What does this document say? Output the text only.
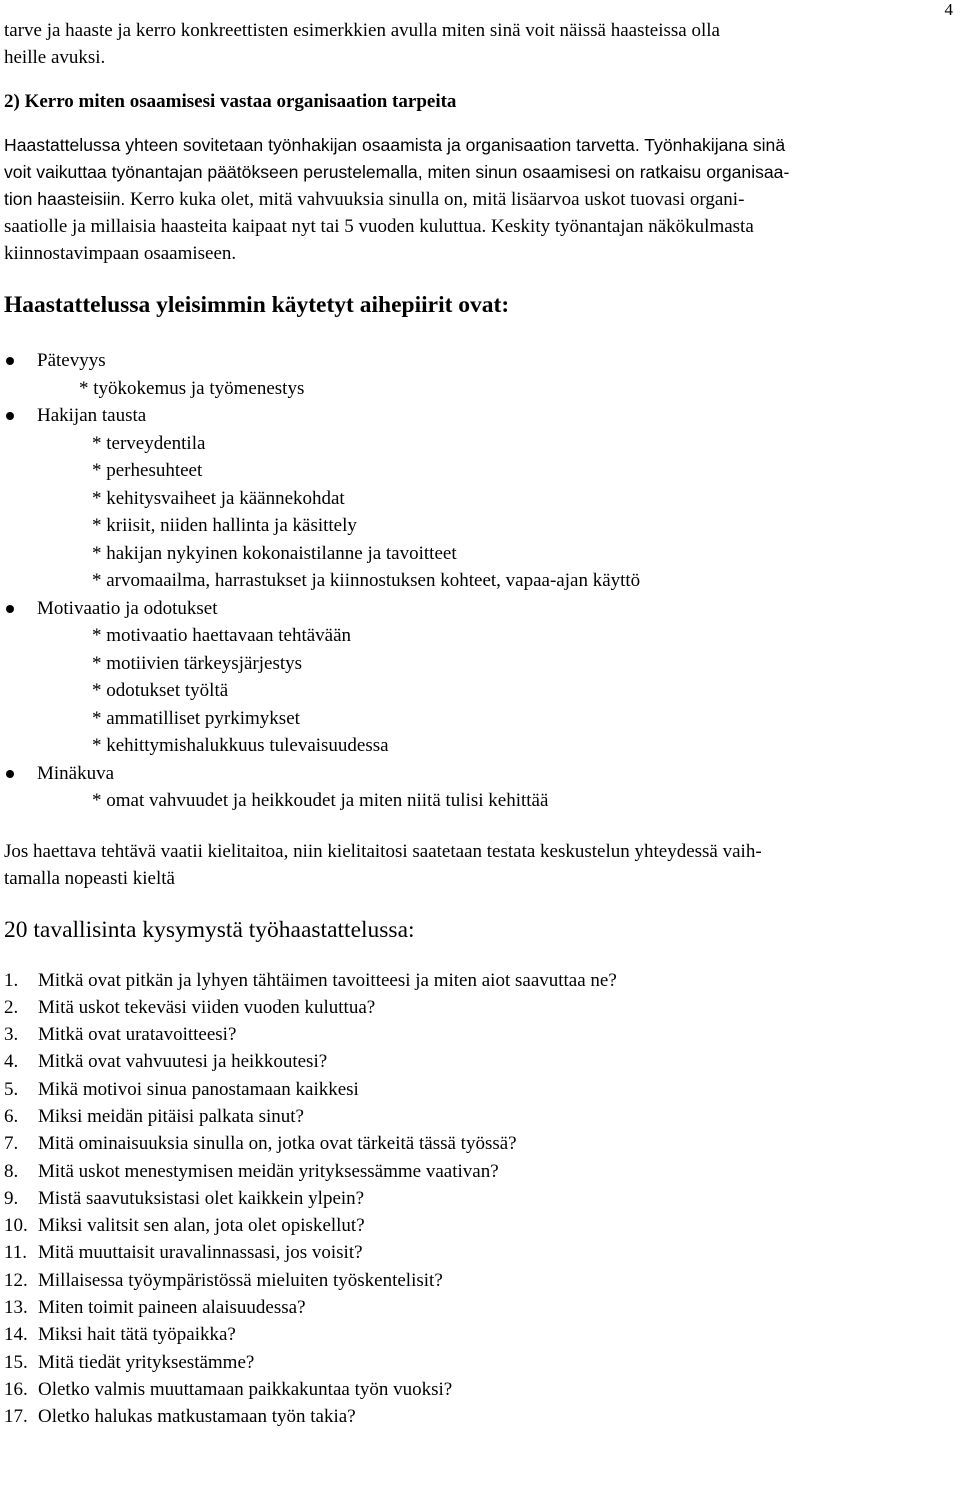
4

tarve ja haaste ja kerro konkreettisten esimerkkien avulla miten sinä voit näissä haasteissa olla

heille avuksi.

2) Kerro miten osaamisesi vastaa organisaation tarpeita

Haastattelussa yhteen sovitetaan työnhakijan osaamista ja organisaation tarvetta. Työnhakijana sinä

voit vaikuttaa työnantajan päätökseen perustelemalla, miten sinun osaamisesi on ratkaisu organisaa-

tion haasteisiin. Kerro kuka olet, mitä vahvuuksia sinulla on, mitä lisäarvoa uskot tuovasi organi-

saatiolle ja millaisia haasteita kaipaat nyt tai 5 vuoden kuluttua. Keskity työnantajan näkökulmasta

kiinnostavimpaan osaamiseen.

Haastattelussa yleisimmin käytetyt aihepiirit ovat:

Pätevyys
* työkokemus ja työmenestys
Hakijan tausta
* terveydentila
* perhesuhteet
* kehitysvaiheet ja käännekohdat
* kriisit, niiden hallinta ja käsittely
* hakijan nykyinen kokonaistilanne ja tavoitteet
* arvomaailma, harrastukset ja kiinnostuksen kohteet, vapaa-ajan käyttö
Motivaatio ja odotukset
* motivaatio haettavaan tehtävään
* motiivien tärkeysjärjestys
* odotukset työltä
* ammatilliset pyrkimykset
* kehittymishalukkuus tulevaisuudessa
Minäkuva
* omat vahvuudet ja heikkoudet ja miten niitä tulisi kehittää

Jos haettava tehtävä vaatii kielitaitoa, niin kielitaitosi saatetaan testata keskustelun yhteydessä vaih-

tamalla nopeasti kieltä

20 tavallisinta kysymystä työhaastattelussa:

1. Mitkä ovat pitkän ja lyhyen tähtäimen tavoitteesi ja miten aiot saavuttaa ne?
2. Mitä uskot tekeväsi viiden vuoden kuluttua?
3. Mitkä ovat uratavoitteesi?
4. Mitkä ovat vahvuutesi ja heikkoutesi?
5. Mikä motivoi sinua panostamaan kaikkesi
6. Miksi meidän pitäisi palkata sinut?
7. Mitä ominaisuuksia sinulla on, jotka ovat tärkeitä tässä työssä?
8. Mitä uskot menestymisen meidän yrityksessämme vaativan?
9. Mistä saavutuksistasi olet kaikkein ylpein?
10. Miksi valitsit sen alan, jota olet opiskellut?
11. Mitä muuttaisit uravalinnassasi, jos voisit?
12. Millaisessa työympäristössä mieluiten työskentelisit?
13. Miten toimit paineen alaisuudessa?
14. Miksi hait tätä työpaikka?
15. Mitä tiedät yrityksestämme?
16. Oletko valmis muuttamaan paikkakuntaa työn vuoksi?
17. Oletko halukas matkustamaan työn takia?
